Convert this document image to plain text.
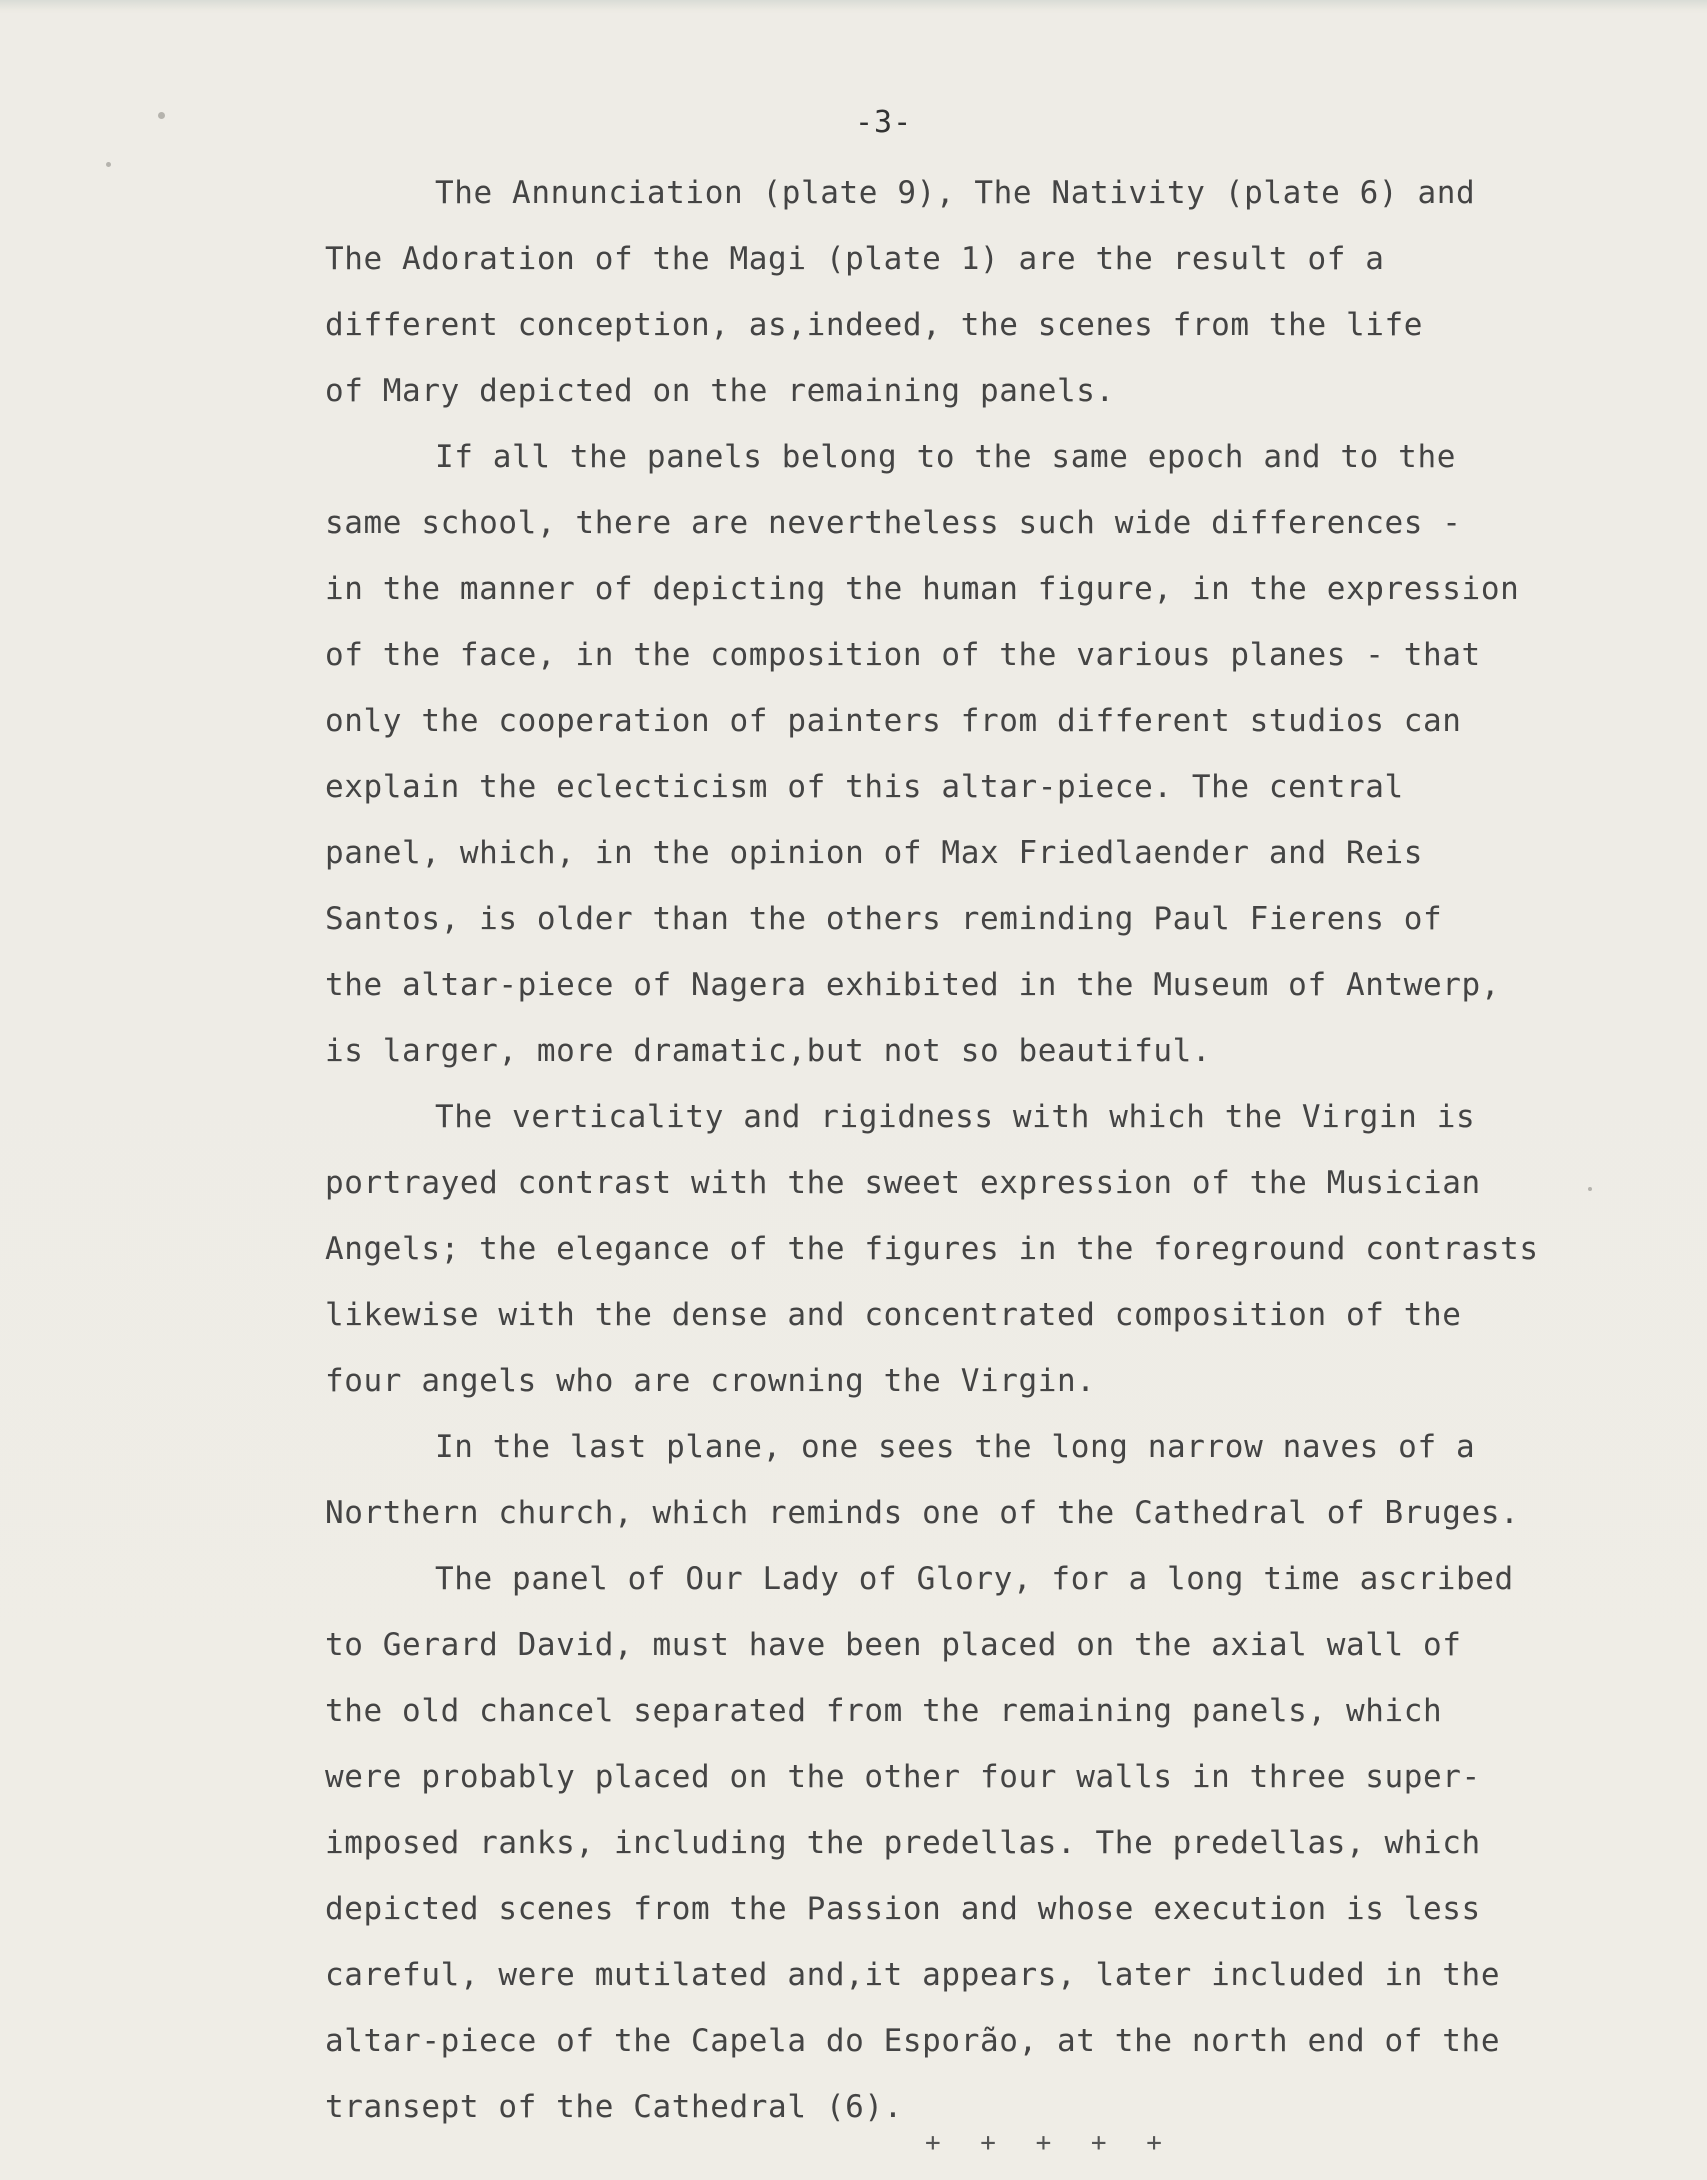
-3-
The Annunciation (plate 9), The Nativity (plate 6) and
The Adoration of the Magi (plate 1) are the result of a
different conception, as,indeed, the scenes from the life
of Mary depicted on the remaining panels.
If all the panels belong to the same epoch and to the
same school, there are nevertheless such wide differences -
in the manner of depicting the human figure, in the expression
of the face, in the composition of the various planes - that
only the cooperation of painters from different studios can
explain the eclecticism of this altar-piece. The central
panel, which, in the opinion of Max Friedlaender and Reis
Santos, is older than the others reminding Paul Fierens of
the altar-piece of Nagera exhibited in the Museum of Antwerp,
is larger, more dramatic,but not so beautiful.
The verticality and rigidness with which the Virgin is
portrayed contrast with the sweet expression of the Musician
Angels; the elegance of the figures in the foreground contrasts
likewise with the dense and concentrated composition of the
four angels who are crowning the Virgin.
In the last plane, one sees the long narrow naves of a
Northern church, which reminds one of the Cathedral of Bruges.
The panel of Our Lady of Glory, for a long time ascribed
to Gerard David, must have been placed on the axial wall of
the old chancel separated from the remaining panels, which
were probably placed on the other four walls in three super-
imposed ranks, including the predellas. The predellas, which
depicted scenes from the Passion and whose execution is less
careful, were mutilated and,it appears, later included in the
altar-piece of the Capela do Esporão, at the north end of the
transept of the Cathedral (6).
+ + + + +
